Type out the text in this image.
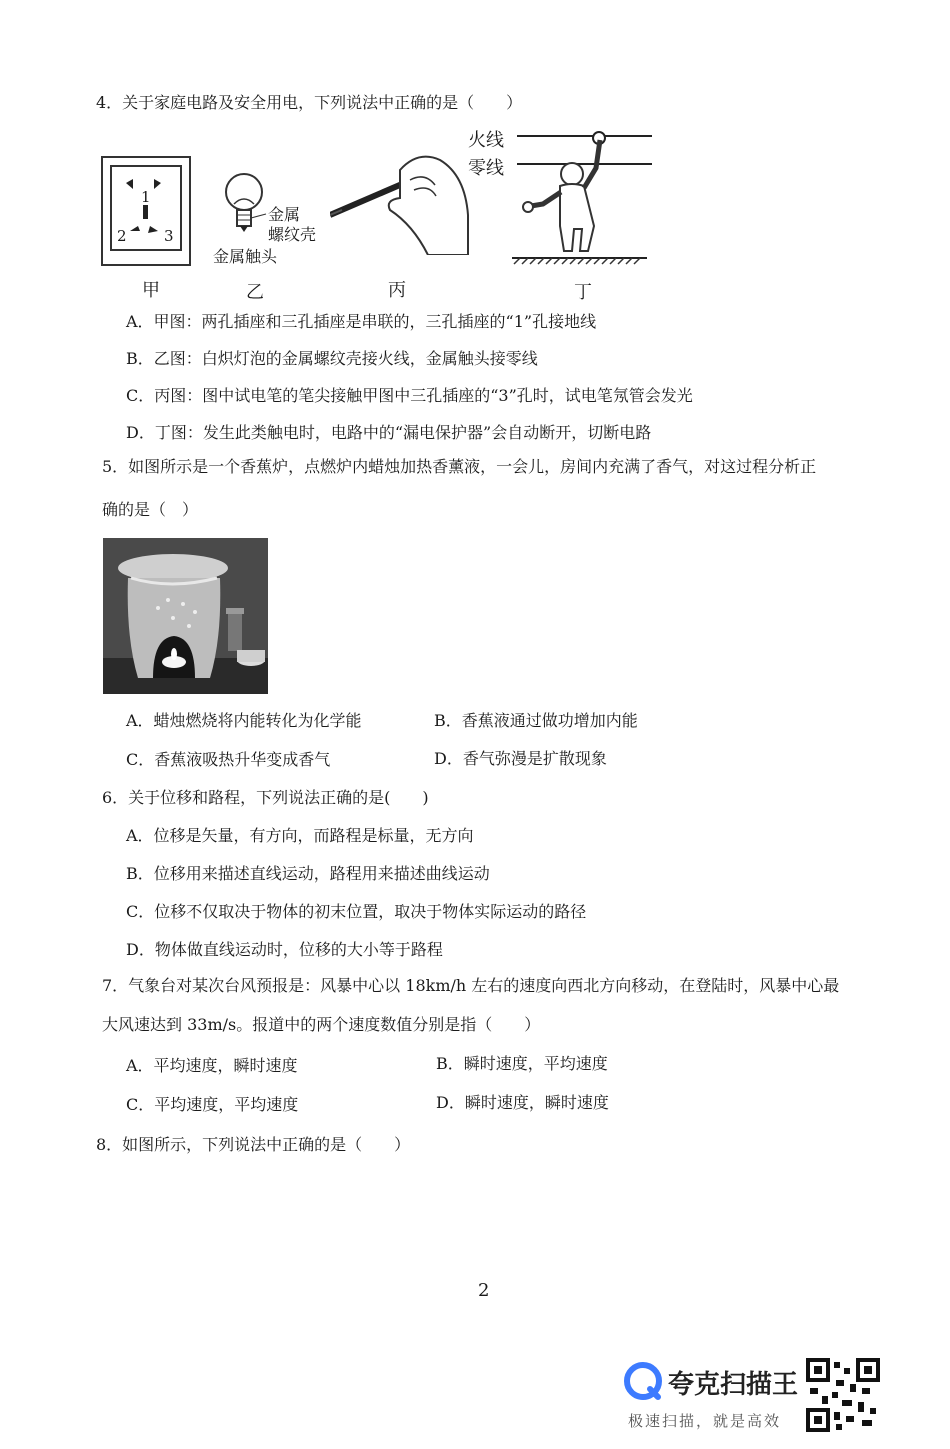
4．关于家庭电路及安全用电，下列说法中正确的是（　　）
1
2 3
甲
金属
螺纹壳
金属触头
乙	丙
火线
零线
丁
A．甲图：两孔插座和三孔插座是串联的，三孔插座的“1”孔接地线
B．乙图：白炽灯泡的金属螺纹壳接火线，金属触头接零线
C．丙图：图中试电笔的笔尖接触甲图中三孔插座的“3”孔时，试电笔氖管会发光
D．丁图：发生此类触电时，电路中的“漏电保护器”会自动断开，切断电路
5．如图所示是一个香蕉炉，点燃炉内蜡烛加热香薰液，一会儿，房间内充满了香气，对这过程分析正
确的是（　）
A．蜡烛燃烧将内能转化为化学能	B．香蕉液通过做功增加内能
C．香蕉液吸热升华变成香气	D．香气弥漫是扩散现象
6．关于位移和路程，下列说法正确的是(　　)
A．位移是矢量，有方向，而路程是标量，无方向
B．位移用来描述直线运动，路程用来描述曲线运动
C．位移不仅取决于物体的初末位置，取决于物体实际运动的路径
D．物体做直线运动时，位移的大小等于路程
7．气象台对某次台风预报是：风暴中心以 18km/h 左右的速度向西北方向移动，在登陆时，风暴中心最
大风速达到 33m/s。报道中的两个速度数值分别是指（　　）
A．平均速度，瞬时速度	B．瞬时速度，平均速度
C．平均速度，平均速度	D．瞬时速度，瞬时速度
8．如图所示，下列说法中正确的是（　　）
2
夸克扫描王
极速扫描，就是高效
